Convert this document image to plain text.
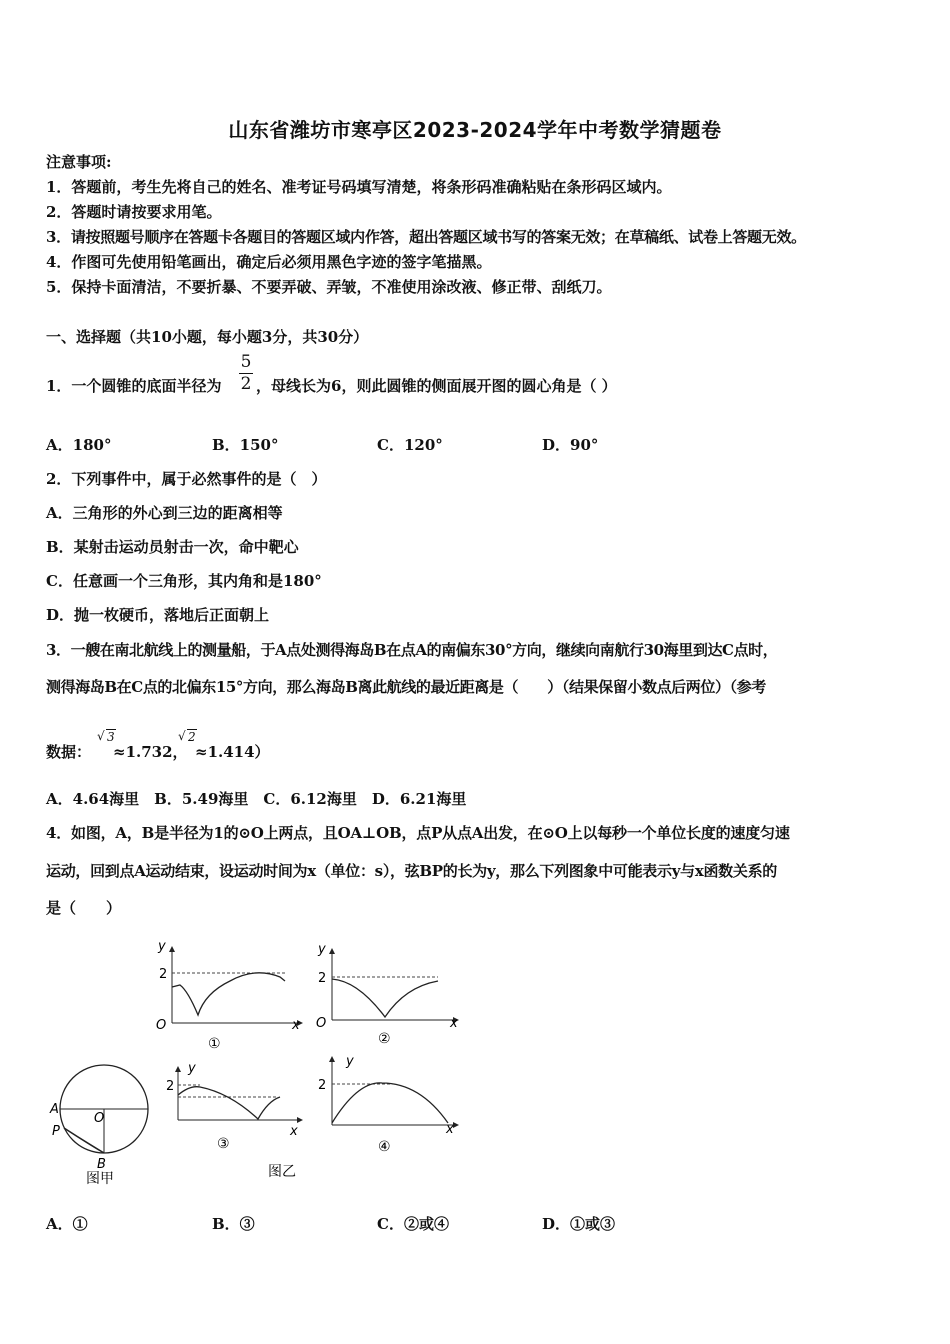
山东省潍坊市寒亭区2023-2024学年中考数学猜题卷
注意事项:
1．答题前，考生先将自己的姓名、准考证号码填写清楚，将条形码准确粘贴在条形码区域内。
2．答题时请按要求用笔。
3．请按照题号顺序在答题卡各题目的答题区域内作答，超出答题区域书写的答案无效；在草稿纸、试卷上答题无效。
4．作图可先使用铅笔画出，确定后必须用黑色字迹的签字笔描黑。
5．保持卡面清洁，不要折暴、不要弄破、弄皱，不准使用涂改液、修正带、刮纸刀。
一、选择题（共10小题，每小题3分，共30分）
1．一个圆锥的底面半径为
5
2 ，母线长为6，则此圆锥的侧面展开图的圆心角是（ ）
A．180°	B．150°	C．120°	D．90°
2．下列事件中，属于必然事件的是（　）
A．三角形的外心到三边的距离相等
B．某射击运动员射击一次，命中靶心
C．任意画一个三角形，其内角和是180°
D．抛一枚硬币，落地后正面朝上
3．一艘在南北航线上的测量船，于A点处测得海岛B在点A的南偏东30°方向，继续向南航行30海里到达C点时，
测得海岛B在C点的北偏东15°方向，那么海岛B离此航线的最近距离是（　　）（结果保留小数点后两位）（参考
数据：
√ 3
≈1.732，
√ 2
≈1.414）
A．4.64海里　B．5.49海里　C．6.12海里　D．6.21海里
4．如图，A，B是半径为1的⊙O上两点，且OA⊥OB，点P从点A出发，在⊙O上以每秒一个单位长度的速度匀速
运动，回到点A运动结束，设运动时间为x（单位：s），弦BP的长为y，那么下列图象中可能表示y与x函数关系的
是（　　）
y
2
O	x
①
y
2
O	x
②
A
P
O
B
图甲
y
2
x
③
图乙
y
2
x
④
A．①	B．③	C．②或④	D．①或③
